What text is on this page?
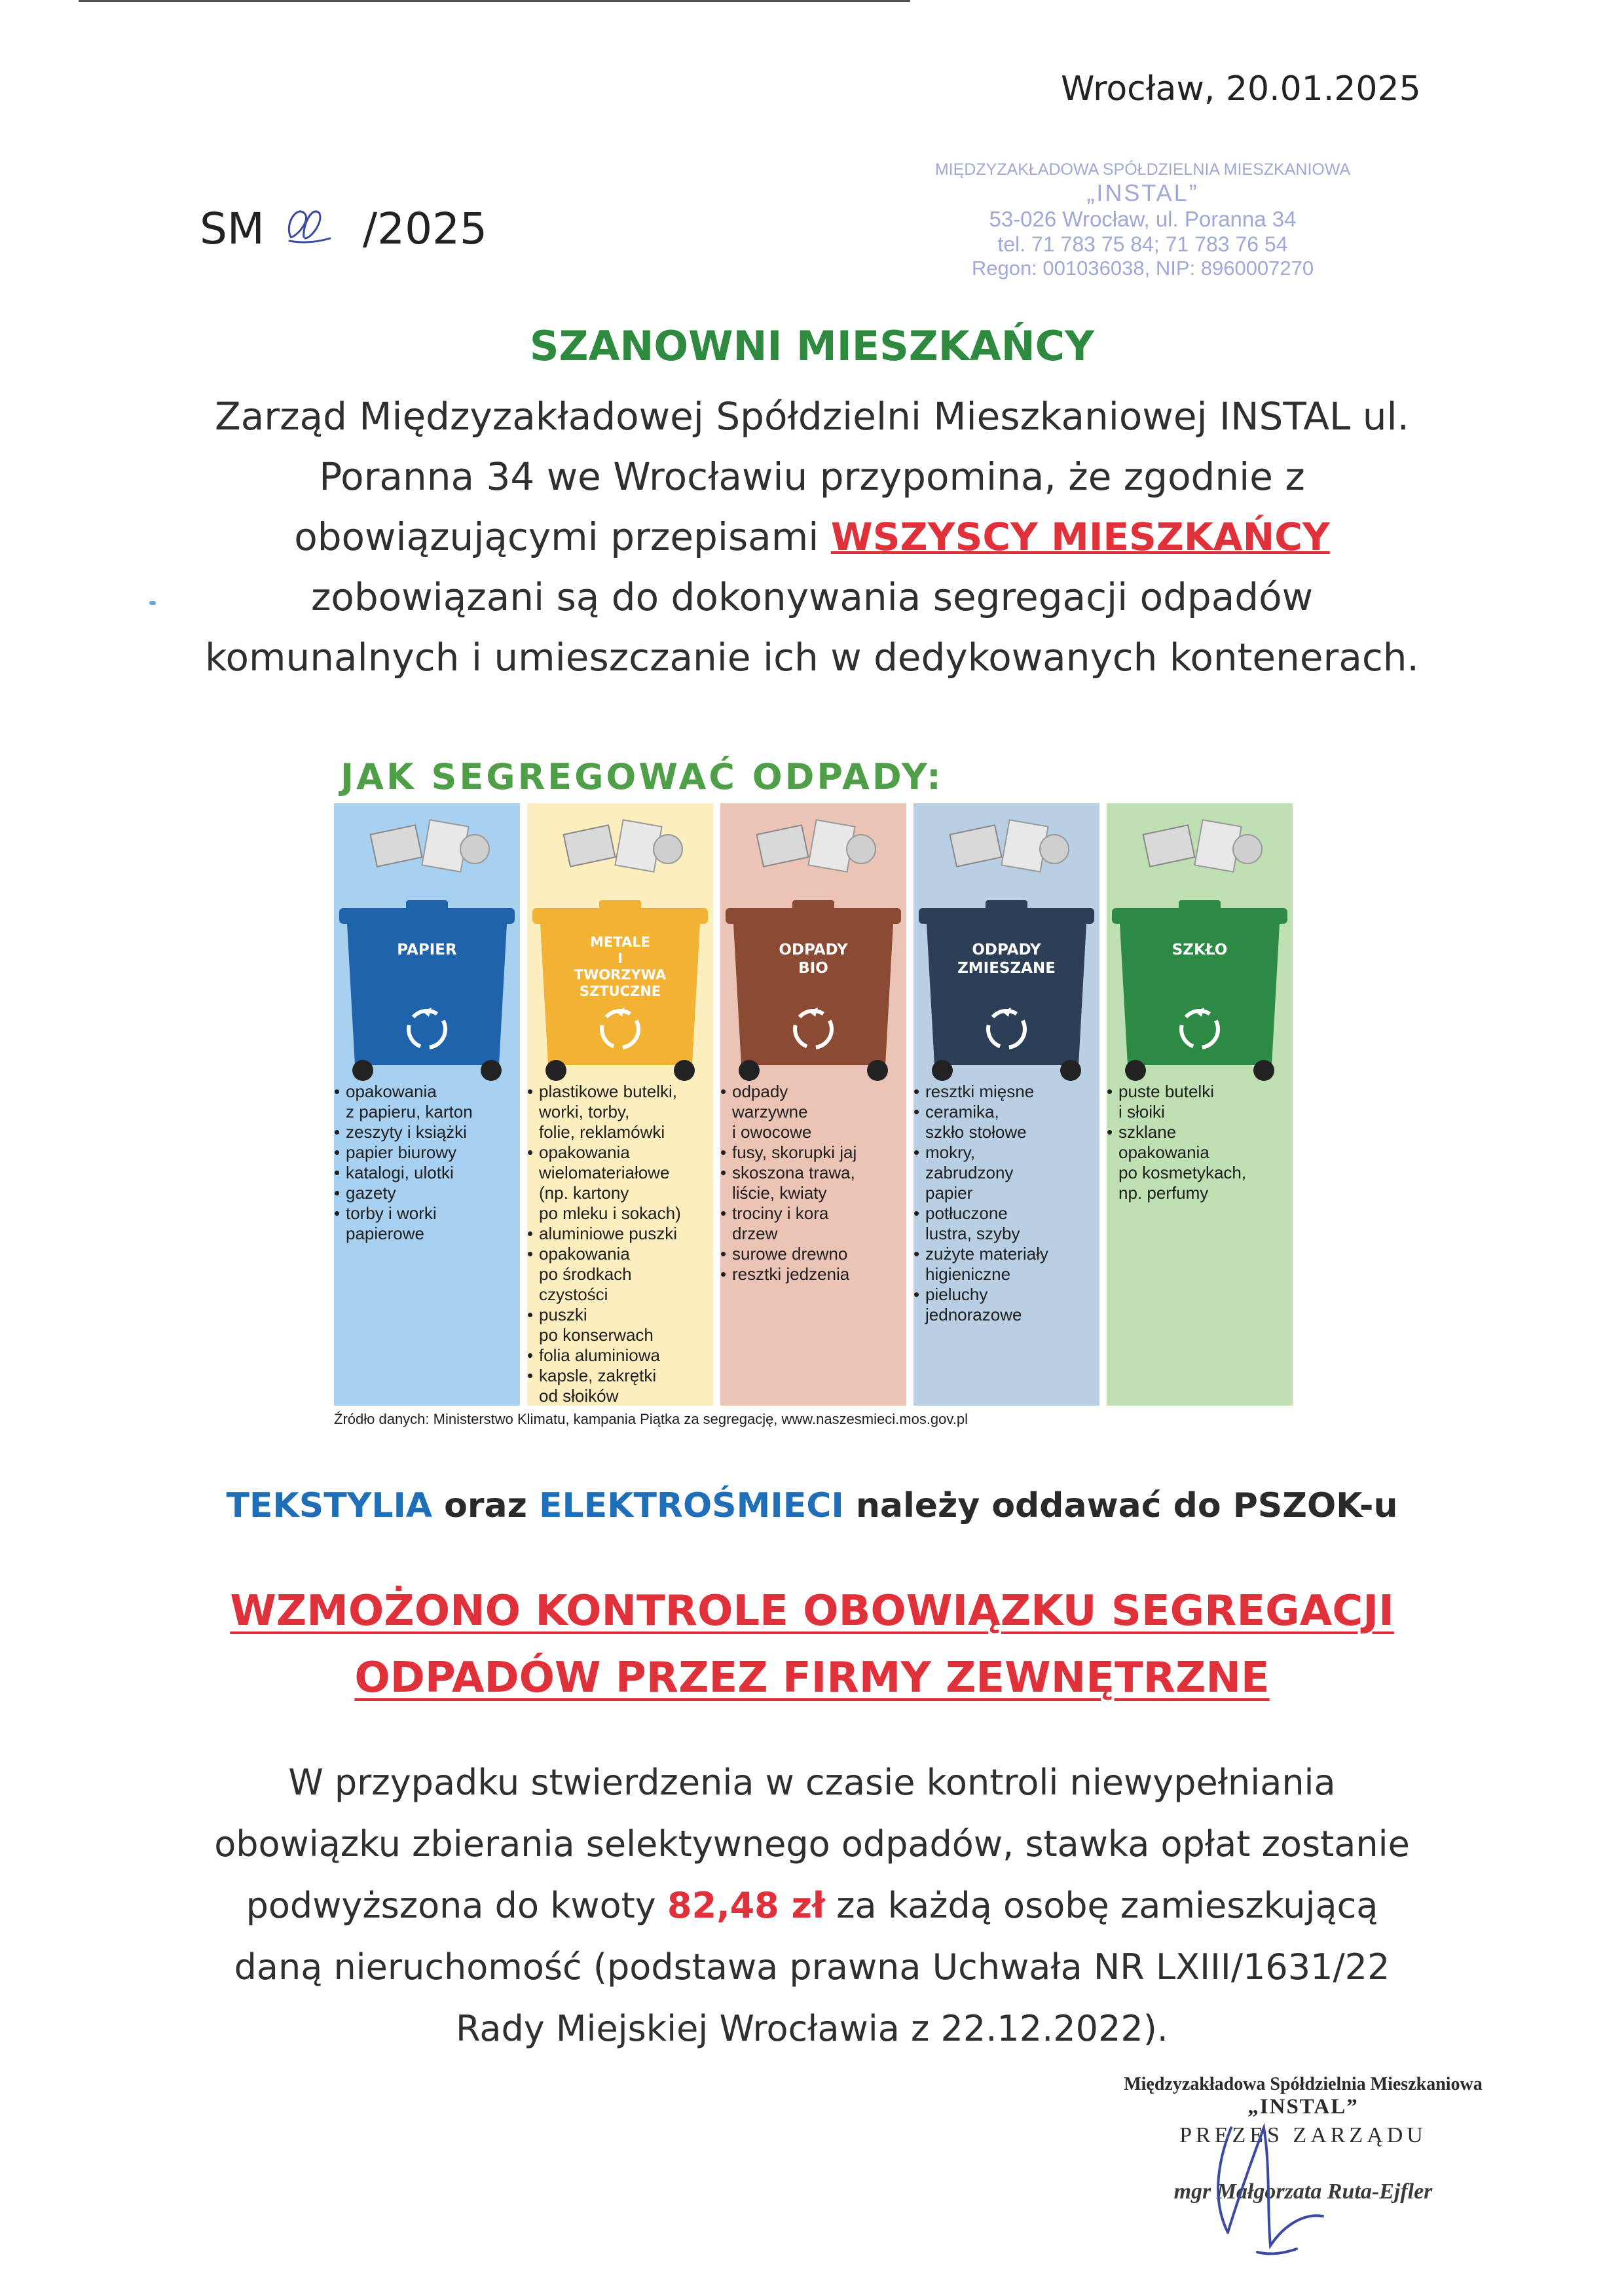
Wrocław, 20.01.2025
SM /2025
MIĘDZYZAKŁADOWA SPÓŁDZIELNIA MIESZKANIOWA
„INSTAL”
53-026 Wrocław, ul. Poranna 34
tel. 71 783 75 84; 71 783 76 54
Regon: 001036038, NIP: 8960007270
SZANOWNI MIESZKAŃCY
Zarząd Międzyzakładowej Spółdzielni Mieszkaniowej INSTAL ul. Poranna 34 we Wrocławiu przypomina, że zgodnie z obowiązującymi przepisami WSZYSCY MIESZKAŃCY zobowiązani są do dokonywania segregacji odpadów komunalnych i umieszczanie ich w dedykowanych kontenerach.
JAK SEGREGOWAĆ ODPADY:
PAPIER
• opakowania
z papieru, karton
• zeszyty i książki
• papier biurowy
• katalogi, ulotki
• gazety
• torby i worki
papierowe
METALE
I
TWORZYWA
SZTUCZNE
• plastikowe butelki,
worki, torby,
folie, reklamówki
• opakowania
wielomateriałowe
(np. kartony
po mleku i sokach)
• aluminiowe puszki
• opakowania
po środkach
czystości
• puszki
po konserwach
• folia aluminiowa
• kapsle, zakrętki
od słoików
ODPADY
BIO
• odpady
warzywne
i owocowe
• fusy, skorupki jaj
• skoszona trawa,
liście, kwiaty
• trociny i kora
drzew
• surowe drewno
• resztki jedzenia
ODPADY
ZMIESZANE
• resztki mięsne
• ceramika,
szkło stołowe
• mokry,
zabrudzony
papier
• potłuczone
lustra, szyby
• zużyte materiały
higieniczne
• pieluchy
jednorazowe
SZKŁO
• puste butelki
i słoiki
• szklane
opakowania
po kosmetykach,
np. perfumy
Źródło danych: Ministerstwo Klimatu, kampania Piątka za segregację, www.naszesmieci.mos.gov.pl
TEKSTYLIA oraz ELEKTROŚMIECI należy oddawać do PSZOK-u
WZMOŻONO KONTROLE OBOWIĄZKU SEGREGACJI
ODPADÓW PRZEZ FIRMY ZEWNĘTRZNE
W przypadku stwierdzenia w czasie kontroli niewypełniania obowiązku zbierania selektywnego odpadów, stawka opłat zostanie podwyższona do kwoty 82,48 zł za każdą osobę zamieszkującą daną nieruchomość (podstawa prawna Uchwała NR LXIII/1631/22 Rady Miejskiej Wrocławia z 22.12.2022).
Międzyzakładowa Spółdzielnia Mieszkaniowa
„INSTAL”
PREZES ZARZĄDU
mgr Małgorzata Ruta-Ejfler
